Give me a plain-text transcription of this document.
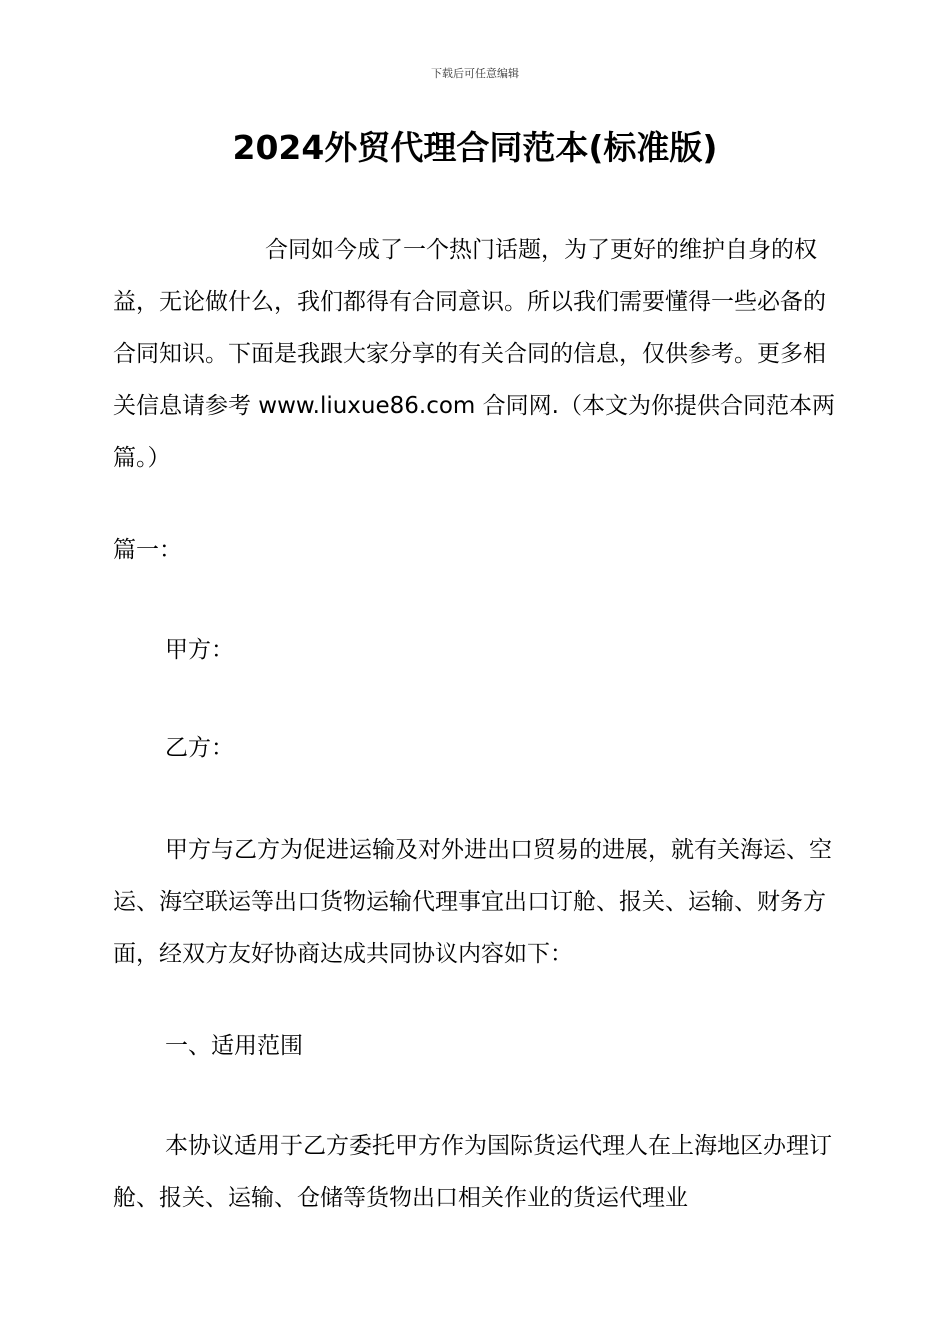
下载后可任意编辑
2024外贸代理合同范本(标准版)

合同如今成了一个热门话题，为了更好的维护自身的权益，无论做什么，我们都得有合同意识。所以我们需要懂得一些必备的合同知识。下面是我跟大家分享的有关合同的信息，仅供参考。更多相关信息请参考 www.liuxue86.com 合同网.（本文为你提供合同范本两篇。）

篇一：

甲方：

乙方：

甲方与乙方为促进运输及对外进出口贸易的进展，就有关海运、空运、海空联运等出口货物运输代理事宜出口订舱、报关、运输、财务方面，经双方友好协商达成共同协议内容如下：

一、适用范围

本协议适用于乙方委托甲方作为国际货运代理人在上海地区办理订舱、报关、运输、仓储等货物出口相关作业的货运代理业
